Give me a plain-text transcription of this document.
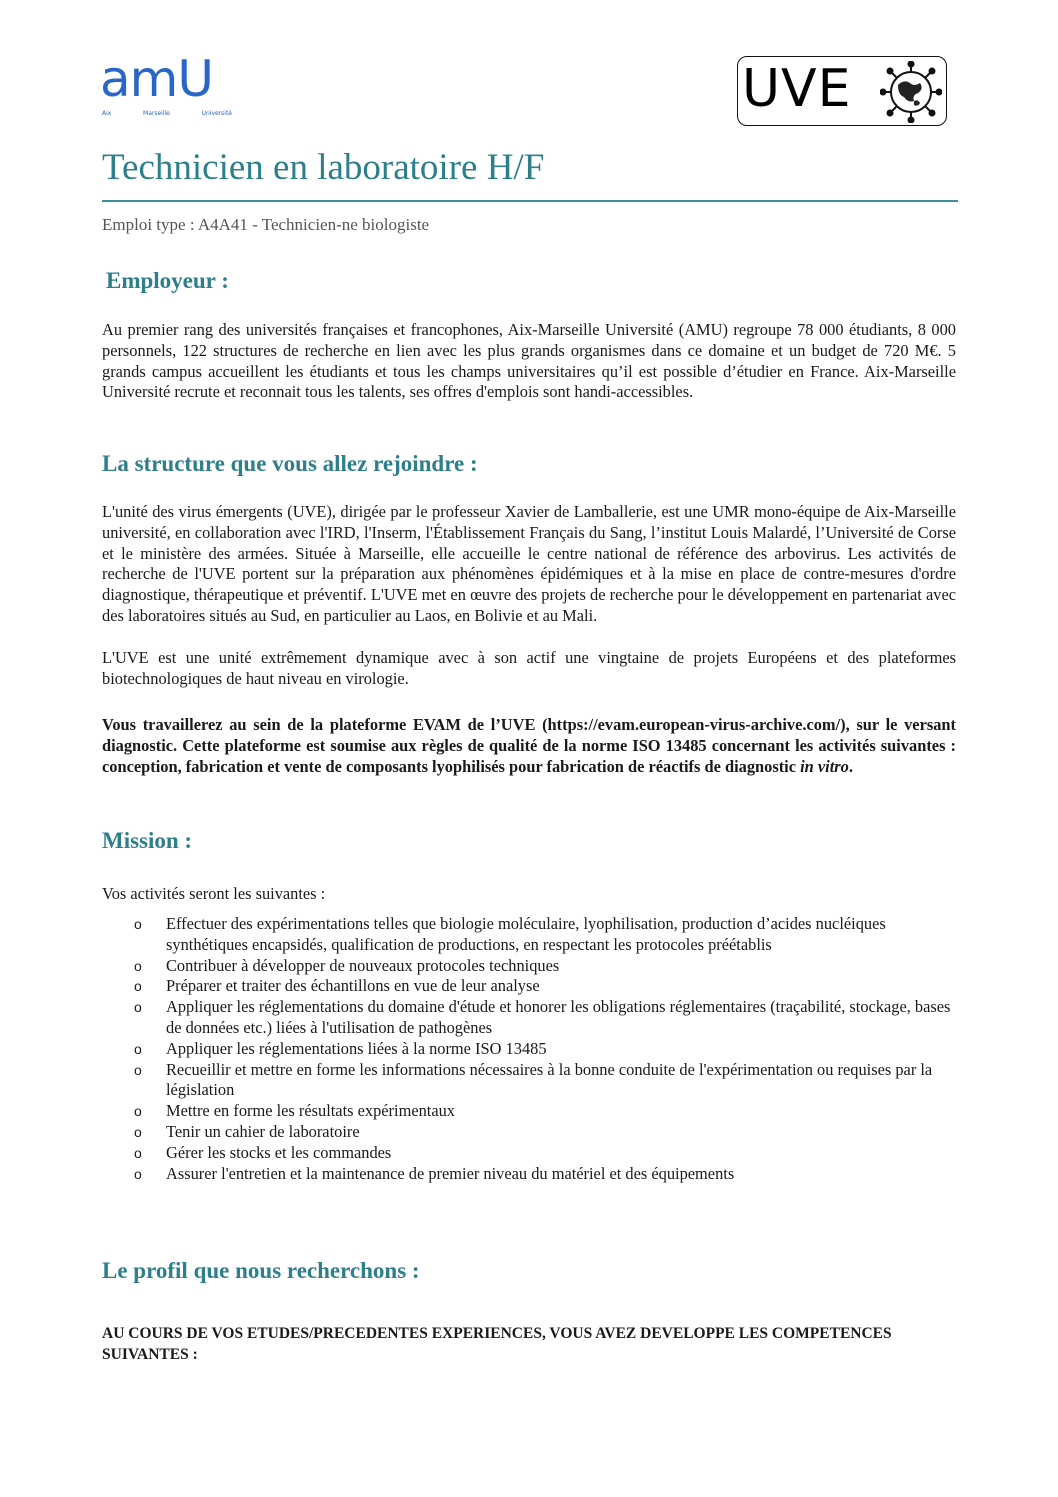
amU
Aix	Marseille	Université	UVE
Technicien en laboratoire H/F
Emploi type : A4A41 - Technicien-ne biologiste
Employeur :

Au premier rang des universités françaises et francophones, Aix-Marseille Université (AMU) regroupe 78 000 étudiants, 8 000 personnels, 122 structures de recherche en lien avec les plus grands organismes dans ce domaine et un budget de 720 M€. 5 grands campus accueillent les étudiants et tous les champs universitaires qu’il est possible d’étudier en France. Aix-Marseille Université recrute et reconnait tous les talents, ses offres d'emplois sont handi-accessibles.

La structure que vous allez rejoindre :

L'unité des virus émergents (UVE), dirigée par le professeur Xavier de Lamballerie, est une UMR mono-équipe de Aix-Marseille université, en collaboration avec l'IRD, l'Inserm, l'Établissement Français du Sang, l’institut Louis Malardé, l’Université de Corse et le ministère des armées. Située à Marseille, elle accueille le centre national de référence des arbovirus. Les activités de recherche de l'UVE portent sur la préparation aux phénomènes épidémiques et à la mise en place de contre-mesures d'ordre diagnostique, thérapeutique et préventif. L'UVE met en œuvre des projets de recherche pour le développement en partenariat avec des laboratoires situés au Sud, en particulier au Laos, en Bolivie et au Mali.

L'UVE est une unité extrêmement dynamique avec à son actif une vingtaine de projets Européens et des plateformes biotechnologiques de haut niveau en virologie.

Vous travaillerez au sein de la plateforme EVAM de l’UVE (https://evam.european-virus-archive.com/), sur le versant diagnostic. Cette plateforme est soumise aux règles de qualité de la norme ISO 13485 concernant les activités suivantes : conception, fabrication et vente de composants lyophilisés pour fabrication de réactifs de diagnostic in vitro.

Mission :
Vos activités seront les suivantes :
o Effectuer des expérimentations telles que biologie moléculaire, lyophilisation, production d’acides nucléiques synthétiques encapsidés, qualification de productions, en respectant les protocoles préétablis
o Contribuer à développer de nouveaux protocoles techniques
o Préparer et traiter des échantillons en vue de leur analyse
o Appliquer les réglementations du domaine d'étude et honorer les obligations réglementaires (traçabilité, stockage, bases de données etc.) liées à l'utilisation de pathogènes
o Appliquer les réglementations liées à la norme ISO 13485
o Recueillir et mettre en forme les informations nécessaires à la bonne conduite de l'expérimentation ou requises par la législation
o Mettre en forme les résultats expérimentaux
o Tenir un cahier de laboratoire
o Gérer les stocks et les commandes
o Assurer l'entretien et la maintenance de premier niveau du matériel et des équipements
Le profil que nous recherchons :

AU COURS DE VOS ETUDES/PRECEDENTES EXPERIENCES, VOUS AVEZ DEVELOPPE LES COMPETENCES SUIVANTES :
